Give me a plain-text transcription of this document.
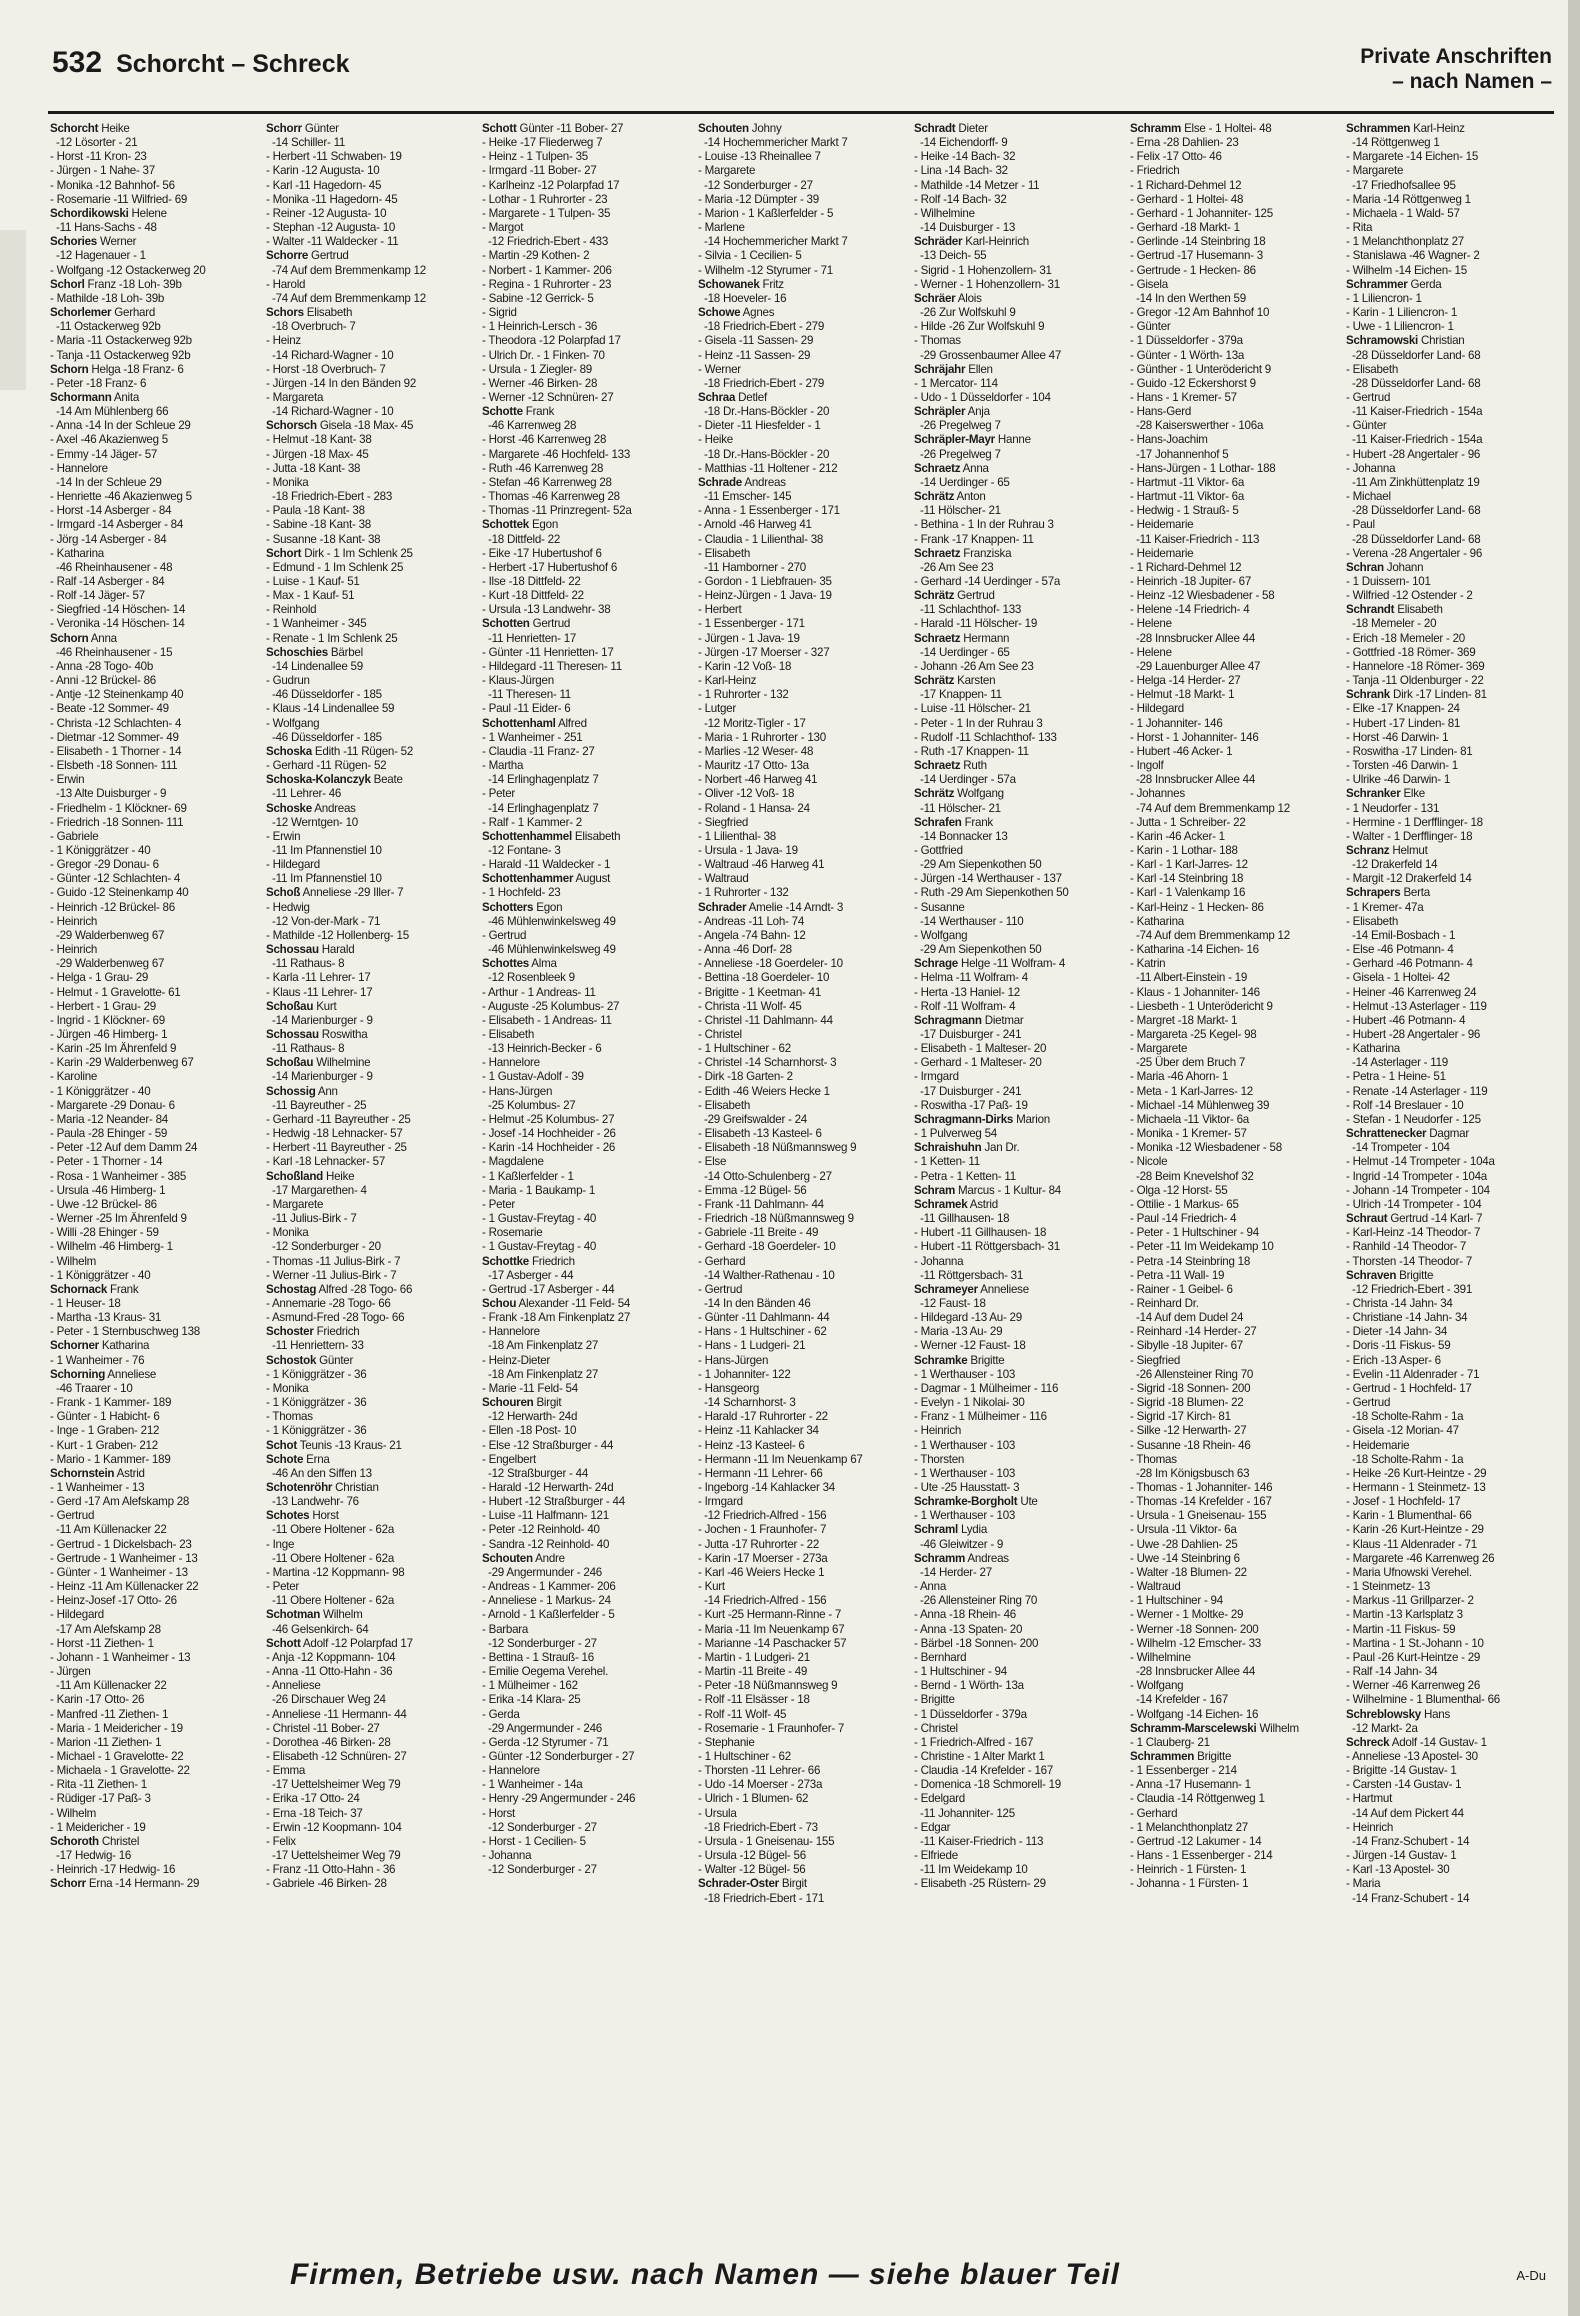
532 Schorcht – Schreck	Private Anschriften
– nach Namen –
Schorcht Heike
-12 Lösorter - 21
- Horst -11 Kron- 23
- Jürgen - 1 Nahe- 37
- Monika -12 Bahnhof- 56
- Rosemarie -11 Wilfried- 69
Schordikowski Helene
-11 Hans-Sachs - 48
Schories Werner
-12 Hagenauer - 1
- Wolfgang -12 Ostackerweg 20
Schorl Franz -18 Loh- 39b
- Mathilde -18 Loh- 39b
Schorlemer Gerhard
-11 Ostackerweg 92b
- Maria -11 Ostackerweg 92b
- Tanja -11 Ostackerweg 92b
Schorn Helga -18 Franz- 6
- Peter -18 Franz- 6
Schormann Anita
-14 Am Mühlenberg 66
- Anna -14 In der Schleue 29
- Axel -46 Akazienweg 5
- Emmy -14 Jäger- 57
- Hannelore
-14 In der Schleue 29
- Henriette -46 Akazienweg 5
- Horst -14 Asberger - 84
- Irmgard -14 Asberger - 84
- Jörg -14 Asberger - 84
- Katharina
-46 Rheinhausener - 48
- Ralf -14 Asberger - 84
- Rolf -14 Jäger- 57
- Siegfried -14 Höschen- 14
- Veronika -14 Höschen- 14
Schorn Anna
-46 Rheinhausener - 15
- Anna -28 Togo- 40b
- Anni -12 Brückel- 86
- Antje -12 Steinenkamp 40
- Beate -12 Sommer- 49
- Christa -12 Schlachten- 4
- Dietmar -12 Sommer- 49
- Elisabeth - 1 Thorner - 14
- Elsbeth -18 Sonnen- 111
- Erwin
-13 Alte Duisburger - 9
- Friedhelm - 1 Klöckner- 69
- Friedrich -18 Sonnen- 111
- Gabriele
- 1 Königgrätzer - 40
- Gregor -29 Donau- 6
- Günter -12 Schlachten- 4
- Guido -12 Steinenkamp 40
- Heinrich -12 Brückel- 86
- Heinrich
-29 Walderbenweg 67
- Heinrich
-29 Walderbenweg 67
- Helga - 1 Grau- 29
- Helmut - 1 Gravelotte- 61
- Herbert - 1 Grau- 29
- Ingrid - 1 Klöckner- 69
- Jürgen -46 Himberg- 1
- Karin -25 Im Ährenfeld 9
- Karin -29 Walderbenweg 67
- Karoline
- 1 Königgrätzer - 40
- Margarete -29 Donau- 6
- Maria -12 Neander- 84
- Paula -28 Ehinger - 59
- Peter -12 Auf dem Damm 24
- Peter - 1 Thorner - 14
- Rosa - 1 Wanheimer - 385
- Ursula -46 Himberg- 1
- Uwe -12 Brückel- 86
- Werner -25 Im Ährenfeld 9
- Willi -28 Ehinger - 59
- Wilhelm -46 Himberg- 1
- Wilhelm
- 1 Königgrätzer - 40
Schornack Frank
- 1 Heuser- 18
- Martha -13 Kraus- 31
- Peter - 1 Sternbuschweg 138
Schorner Katharina
- 1 Wanheimer - 76
Schorning Anneliese
-46 Traarer - 10
- Frank - 1 Kammer- 189
- Günter - 1 Habicht- 6
- Inge - 1 Graben- 212
- Kurt - 1 Graben- 212
- Mario - 1 Kammer- 189
Schornstein Astrid
- 1 Wanheimer - 13
- Gerd -17 Am Alefskamp 28
- Gertrud
-11 Am Küllenacker 22
- Gertrud - 1 Dickelsbach- 23
- Gertrude - 1 Wanheimer - 13
- Günter - 1 Wanheimer - 13
- Heinz -11 Am Küllenacker 22
- Heinz-Josef -17 Otto- 26
- Hildegard
-17 Am Alefskamp 28
- Horst -11 Ziethen- 1
- Johann - 1 Wanheimer - 13
- Jürgen
-11 Am Küllenacker 22
- Karin -17 Otto- 26
- Manfred -11 Ziethen- 1
- Maria - 1 Meidericher - 19
- Marion -11 Ziethen- 1
- Michael - 1 Gravelotte- 22
- Michaela - 1 Gravelotte- 22
- Rita -11 Ziethen- 1
- Rüdiger -17 Paß- 3
- Wilhelm
- 1 Meidericher - 19
Schoroth Christel
-17 Hedwig- 16
- Heinrich -17 Hedwig- 16
Schorr Erna -14 Hermann- 29
Schorr Günter
-14 Schiller- 11
- Herbert -11 Schwaben- 19
- Karin -12 Augusta- 10
- Karl -11 Hagedorn- 45
- Monika -11 Hagedorn- 45
- Reiner -12 Augusta- 10
- Stephan -12 Augusta- 10
- Walter -11 Waldecker - 11
Schorre Gertrud
-74 Auf dem Bremmenkamp 12
- Harold
-74 Auf dem Bremmenkamp 12
Schors Elisabeth
-18 Overbruch- 7
- Heinz
-14 Richard-Wagner - 10
- Horst -18 Overbruch- 7
- Jürgen -14 In den Bänden 92
- Margareta
-14 Richard-Wagner - 10
Schorsch Gisela -18 Max- 45
- Helmut -18 Kant- 38
- Jürgen -18 Max- 45
- Jutta -18 Kant- 38
- Monika
-18 Friedrich-Ebert - 283
- Paula -18 Kant- 38
- Sabine -18 Kant- 38
- Susanne -18 Kant- 38
Schort Dirk - 1 Im Schlenk 25
- Edmund - 1 Im Schlenk 25
- Luise - 1 Kauf- 51
- Max - 1 Kauf- 51
- Reinhold
- 1 Wanheimer - 345
- Renate - 1 Im Schlenk 25
Schoschies Bärbel
-14 Lindenallee 59
- Gudrun
-46 Düsseldorfer - 185
- Klaus -14 Lindenallee 59
- Wolfgang
-46 Düsseldorfer - 185
Schoska Edith -11 Rügen- 52
- Gerhard -11 Rügen- 52
Schoska-Kolanczyk Beate
-11 Lehrer- 46
Schoske Andreas
-12 Werntgen- 10
- Erwin
-11 Im Pfannenstiel 10
- Hildegard
-11 Im Pfannenstiel 10
Schoß Anneliese -29 Iller- 7
- Hedwig
-12 Von-der-Mark - 71
- Mathilde -12 Hollenberg- 15
Schossau Harald
-11 Rathaus- 8
- Karla -11 Lehrer- 17
- Klaus -11 Lehrer- 17
Schoßau Kurt
-14 Marienburger - 9
Schossau Roswitha
-11 Rathaus- 8
Schoßau Wilhelmine
-14 Marienburger - 9
Schossig Ann
-11 Bayreuther - 25
- Gerhard -11 Bayreuther - 25
- Hedwig -18 Lehnacker- 57
- Herbert -11 Bayreuther - 25
- Karl -18 Lehnacker- 57
Schoßland Heike
-17 Margarethen- 4
- Margarete
-11 Julius-Birk - 7
- Monika
-12 Sonderburger - 20
- Thomas -11 Julius-Birk - 7
- Werner -11 Julius-Birk - 7
Schostag Alfred -28 Togo- 66
- Annemarie -28 Togo- 66
- Asmund-Fred -28 Togo- 66
Schoster Friedrich
-11 Henriettern- 33
Schostok Günter
- 1 Königgrätzer - 36
- Monika
- 1 Königgrätzer - 36
- Thomas
- 1 Königgrätzer - 36
Schot Teunis -13 Kraus- 21
Schote Erna
-46 An den Siffen 13
Schotenröhr Christian
-13 Landwehr- 76
Schotes Horst
-11 Obere Holtener - 62a
- Inge
-11 Obere Holtener - 62a
- Martina -12 Koppmann- 98
- Peter
-11 Obere Holtener - 62a
Schotman Wilhelm
-46 Gelsenkirch- 64
Schott Adolf -12 Polarpfad 17
- Anja -12 Koppmann- 104
- Anna -11 Otto-Hahn - 36
- Anneliese
-26 Dirschauer Weg 24
- Anneliese -11 Hermann- 44
- Christel -11 Bober- 27
- Dorothea -46 Birken- 28
- Elisabeth -12 Schnüren- 27
- Emma
-17 Uettelsheimer Weg 79
- Erika -17 Otto- 24
- Erna -18 Teich- 37
- Erwin -12 Koopmann- 104
- Felix
-17 Uettelsheimer Weg 79
- Franz -11 Otto-Hahn - 36
- Gabriele -46 Birken- 28
Schott Günter -11 Bober- 27
- Heike -17 Fliederweg 7
- Heinz - 1 Tulpen- 35
- Irmgard -11 Bober- 27
- Karlheinz -12 Polarpfad 17
- Lothar - 1 Ruhrorter - 23
- Margarete - 1 Tulpen- 35
- Margot
-12 Friedrich-Ebert - 433
- Martin -29 Kothen- 2
- Norbert - 1 Kammer- 206
- Regina - 1 Ruhrorter - 23
- Sabine -12 Gerrick- 5
- Sigrid
- 1 Heinrich-Lersch - 36
- Theodora -12 Polarpfad 17
- Ulrich Dr. - 1 Finken- 70
- Ursula - 1 Ziegler- 89
- Werner -46 Birken- 28
- Werner -12 Schnüren- 27
Schotte Frank
-46 Karrenweg 28
- Horst -46 Karrenweg 28
- Margarete -46 Hochfeld- 133
- Ruth -46 Karrenweg 28
- Stefan -46 Karrenweg 28
- Thomas -46 Karrenweg 28
- Thomas -11 Prinzregent- 52a
Schottek Egon
-18 Dittfeld- 22
- Eike -17 Hubertushof 6
- Herbert -17 Hubertushof 6
- Ilse -18 Dittfeld- 22
- Kurt -18 Dittfeld- 22
- Ursula -13 Landwehr- 38
Schotten Gertrud
-11 Henrietten- 17
- Günter -11 Henrietten- 17
- Hildegard -11 Theresen- 11
- Klaus-Jürgen
-11 Theresen- 11
- Paul -11 Eider- 6
Schottenhaml Alfred
- 1 Wanheimer - 251
- Claudia -11 Franz- 27
- Martha
-14 Erlinghagenplatz 7
- Peter
-14 Erlinghagenplatz 7
- Ralf - 1 Kammer- 2
Schottenhammel Elisabeth
-12 Fontane- 3
- Harald -11 Waldecker - 1
Schottenhammer August
- 1 Hochfeld- 23
Schotters Egon
-46 Mühlenwinkelsweg 49
- Gertrud
-46 Mühlenwinkelsweg 49
Schottes Alma
-12 Rosenbleek 9
- Arthur - 1 Andreas- 11
- Auguste -25 Kolumbus- 27
- Elisabeth - 1 Andreas- 11
- Elisabeth
-13 Heinrich-Becker - 6
- Hannelore
- 1 Gustav-Adolf - 39
- Hans-Jürgen
-25 Kolumbus- 27
- Helmut -25 Kolumbus- 27
- Josef -14 Hochheider - 26
- Karin -14 Hochheider - 26
- Magdalene
- 1 Kaßlerfelder - 1
- Maria - 1 Baukamp- 1
- Peter
- 1 Gustav-Freytag - 40
- Rosemarie
- 1 Gustav-Freytag - 40
Schottke Friedrich
-17 Asberger - 44
- Gertrud -17 Asberger - 44
Schou Alexander -11 Feld- 54
- Frank -18 Am Finkenplatz 27
- Hannelore
-18 Am Finkenplatz 27
- Heinz-Dieter
-18 Am Finkenplatz 27
- Marie -11 Feld- 54
Schouren Birgit
-12 Herwarth- 24d
- Ellen -18 Post- 10
- Else -12 Straßburger - 44
- Engelbert
-12 Straßburger - 44
- Harald -12 Herwarth- 24d
- Hubert -12 Straßburger - 44
- Luise -11 Halfmann- 121
- Peter -12 Reinhold- 40
- Sandra -12 Reinhold- 40
Schouten Andre
-29 Angermunder - 246
- Andreas - 1 Kammer- 206
- Anneliese - 1 Markus- 24
- Arnold - 1 Kaßlerfelder - 5
- Barbara
-12 Sonderburger - 27
- Bettina - 1 Strauß- 16
- Emilie Oegema Verehel.
- 1 Mülheimer - 162
- Erika -14 Klara- 25
- Gerda
-29 Angermunder - 246
- Gerda -12 Styrumer - 71
- Günter -12 Sonderburger - 27
- Hannelore
- 1 Wanheimer - 14a
- Henry -29 Angermunder - 246
- Horst
-12 Sonderburger - 27
- Horst - 1 Cecilien- 5
- Johanna
-12 Sonderburger - 27
Schouten Johny
-14 Hochemmericher Markt 7
- Louise -13 Rheinallee 7
- Margarete
-12 Sonderburger - 27
- Maria -12 Dümpter - 39
- Marion - 1 Kaßlerfelder - 5
- Marlene
-14 Hochemmericher Markt 7
- Silvia - 1 Cecilien- 5
- Wilhelm -12 Styrumer - 71
Schowanek Fritz
-18 Hoeveler- 16
Schowe Agnes
-18 Friedrich-Ebert - 279
- Gisela -11 Sassen- 29
- Heinz -11 Sassen- 29
- Werner
-18 Friedrich-Ebert - 279
Schraa Detlef
-18 Dr.-Hans-Böckler - 20
- Dieter -11 Hiesfelder - 1
- Heike
-18 Dr.-Hans-Böckler - 20
- Matthias -11 Holtener - 212
Schrade Andreas
-11 Emscher- 145
- Anna - 1 Essenberger - 171
- Arnold -46 Harweg 41
- Claudia - 1 Lilienthal- 38
- Elisabeth
-11 Hamborner - 270
- Gordon - 1 Liebfrauen- 35
- Heinz-Jürgen - 1 Java- 19
- Herbert
- 1 Essenberger - 171
- Jürgen - 1 Java- 19
- Jürgen -17 Moerser - 327
- Karin -12 Voß- 18
- Karl-Heinz
- 1 Ruhrorter - 132
- Lutger
-12 Moritz-Tigler - 17
- Maria - 1 Ruhrorter - 130
- Marlies -12 Weser- 48
- Mauritz -17 Otto- 13a
- Norbert -46 Harweg 41
- Oliver -12 Voß- 18
- Roland - 1 Hansa- 24
- Siegfried
- 1 Lilienthal- 38
- Ursula - 1 Java- 19
- Waltraud -46 Harweg 41
- Waltraud
- 1 Ruhrorter - 132
Schrader Amelie -14 Arndt- 3
- Andreas -11 Loh- 74
- Angela -74 Bahn- 12
- Anna -46 Dorf- 28
- Anneliese -18 Goerdeler- 10
- Bettina -18 Goerdeler- 10
- Brigitte - 1 Keetman- 41
- Christa -11 Wolf- 45
- Christel -11 Dahlmann- 44
- Christel
- 1 Hultschiner - 62
- Christel -14 Scharnhorst- 3
- Dirk -18 Garten- 2
- Edith -46 Weiers Hecke 1
- Elisabeth
-29 Greifswalder - 24
- Elisabeth -13 Kasteel- 6
- Elisabeth -18 Nüßmannsweg 9
- Else
-14 Otto-Schulenberg - 27
- Emma -12 Bügel- 56
- Frank -11 Dahlmann- 44
- Friedrich -18 Nüßmannsweg 9
- Gabriele -11 Breite - 49
- Gerhard -18 Goerdeler- 10
- Gerhard
-14 Walther-Rathenau - 10
- Gertrud
-14 In den Bänden 46
- Günter -11 Dahlmann- 44
- Hans - 1 Hultschiner - 62
- Hans - 1 Ludgeri- 21
- Hans-Jürgen
- 1 Johanniter- 122
- Hansgeorg
-14 Scharnhorst- 3
- Harald -17 Ruhrorter - 22
- Heinz -11 Kahlacker 34
- Heinz -13 Kasteel- 6
- Hermann -11 Im Neuenkamp 67
- Hermann -11 Lehrer- 66
- Ingeborg -14 Kahlacker 34
- Irmgard
-12 Friedrich-Alfred - 156
- Jochen - 1 Fraunhofer- 7
- Jutta -17 Ruhrorter - 22
- Karin -17 Moerser - 273a
- Karl -46 Weiers Hecke 1
- Kurt
-14 Friedrich-Alfred - 156
- Kurt -25 Hermann-Rinne - 7
- Maria -11 Im Neuenkamp 67
- Marianne -14 Paschacker 57
- Martin - 1 Ludgeri- 21
- Martin -11 Breite - 49
- Peter -18 Nüßmannsweg 9
- Rolf -11 Elsässer - 18
- Rolf -11 Wolf- 45
- Rosemarie - 1 Fraunhofer- 7
- Stephanie
- 1 Hultschiner - 62
- Thorsten -11 Lehrer- 66
- Udo -14 Moerser - 273a
- Ulrich - 1 Blumen- 62
- Ursula
-18 Friedrich-Ebert - 73
- Ursula - 1 Gneisenau- 155
- Ursula -12 Bügel- 56
- Walter -12 Bügel- 56
Schrader-Oster Birgit
-18 Friedrich-Ebert - 171
Schradt Dieter
-14 Eichendorff- 9
- Heike -14 Bach- 32
- Lina -14 Bach- 32
- Mathilde -14 Metzer - 11
- Rolf -14 Bach- 32
- Wilhelmine
-14 Duisburger - 13
Schräder Karl-Heinrich
-13 Deich- 55
- Sigrid - 1 Hohenzollern- 31
- Werner - 1 Hohenzollern- 31
Schräer Alois
-26 Zur Wolfskuhl 9
- Hilde -26 Zur Wolfskuhl 9
- Thomas
-29 Grossenbaumer Allee 47
Schräjahr Ellen
- 1 Mercator- 114
- Udo - 1 Düsseldorfer - 104
Schräpler Anja
-26 Pregelweg 7
Schräpler-Mayr Hanne
-26 Pregelweg 7
Schraetz Anna
-14 Uerdinger - 65
Schrätz Anton
-11 Hölscher- 21
- Bethina - 1 In der Ruhrau 3
- Frank -17 Knappen- 11
Schraetz Franziska
-26 Am See 23
- Gerhard -14 Uerdinger - 57a
Schrätz Gertrud
-11 Schlachthof- 133
- Harald -11 Hölscher- 19
Schraetz Hermann
-14 Uerdinger - 65
- Johann -26 Am See 23
Schrätz Karsten
-17 Knappen- 11
- Luise -11 Hölscher- 21
- Peter - 1 In der Ruhrau 3
- Rudolf -11 Schlachthof- 133
- Ruth -17 Knappen- 11
Schraetz Ruth
-14 Uerdinger - 57a
Schrätz Wolfgang
-11 Hölscher- 21
Schrafen Frank
-14 Bonnacker 13
- Gottfried
-29 Am Siepenkothen 50
- Jürgen -14 Werthauser - 137
- Ruth -29 Am Siepenkothen 50
- Susanne
-14 Werthauser - 110
- Wolfgang
-29 Am Siepenkothen 50
Schrage Helge -11 Wolfram- 4
- Helma -11 Wolfram- 4
- Herta -13 Haniel- 12
- Rolf -11 Wolfram- 4
Schragmann Dietmar
-17 Duisburger - 241
- Elisabeth - 1 Malteser- 20
- Gerhard - 1 Malteser- 20
- Irmgard
-17 Duisburger - 241
- Roswitha -17 Paß- 19
Schragmann-Dirks Marion
- 1 Pulverweg 54
Schraishuhn Jan Dr.
- 1 Ketten- 11
- Petra - 1 Ketten- 11
Schram Marcus - 1 Kultur- 84
Schramek Astrid
-11 Gillhausen- 18
- Hubert -11 Gillhausen- 18
- Hubert -11 Röttgersbach- 31
- Johanna
-11 Röttgersbach- 31
Schrameyer Anneliese
-12 Faust- 18
- Hildegard -13 Au- 29
- Maria -13 Au- 29
- Werner -12 Faust- 18
Schramke Brigitte
- 1 Werthauser - 103
- Dagmar - 1 Mülheimer - 116
- Evelyn - 1 Nikolai- 30
- Franz - 1 Mülheimer - 116
- Heinrich
- 1 Werthauser - 103
- Thorsten
- 1 Werthauser - 103
- Ute -25 Hausstatt- 3
Schramke-Borgholt Ute
- 1 Werthauser - 103
Schraml Lydia
-46 Gleiwitzer - 9
Schramm Andreas
-14 Herder- 27
- Anna
-26 Allensteiner Ring 70
- Anna -18 Rhein- 46
- Anna -13 Spaten- 20
- Bärbel -18 Sonnen- 200
- Bernhard
- 1 Hultschiner - 94
- Bernd - 1 Wörth- 13a
- Brigitte
- 1 Düsseldorfer - 379a
- Christel
- 1 Friedrich-Alfred - 167
- Christine - 1 Alter Markt 1
- Claudia -14 Krefelder - 167
- Domenica -18 Schmorell- 19
- Edelgard
-11 Johanniter- 125
- Edgar
-11 Kaiser-Friedrich - 113
- Elfriede
-11 Im Weidekamp 10
- Elisabeth -25 Rüstern- 29
Schramm Else - 1 Holtei- 48
- Erna -28 Dahlien- 23
- Felix -17 Otto- 46
- Friedrich
- 1 Richard-Dehmel 12
- Gerhard - 1 Holtei- 48
- Gerhard - 1 Johanniter- 125
- Gerhard -18 Markt- 1
- Gerlinde -14 Steinbring 18
- Gertrud -17 Husemann- 3
- Gertrude - 1 Hecken- 86
- Gisela
-14 In den Werthen 59
- Gregor -12 Am Bahnhof 10
- Günter
- 1 Düsseldorfer - 379a
- Günter - 1 Wörth- 13a
- Günther - 1 Unterödericht 9
- Guido -12 Eckershorst 9
- Hans - 1 Kremer- 57
- Hans-Gerd
-28 Kaiserswerther - 106a
- Hans-Joachim
-17 Johannenhof 5
- Hans-Jürgen - 1 Lothar- 188
- Hartmut -11 Viktor- 6a
- Hartmut -11 Viktor- 6a
- Hedwig - 1 Strauß- 5
- Heidemarie
-11 Kaiser-Friedrich - 113
- Heidemarie
- 1 Richard-Dehmel 12
- Heinrich -18 Jupiter- 67
- Heinz -12 Wiesbadener - 58
- Helene -14 Friedrich- 4
- Helene
-28 Innsbrucker Allee 44
- Helene
-29 Lauenburger Allee 47
- Helga -14 Herder- 27
- Helmut -18 Markt- 1
- Hildegard
- 1 Johanniter- 146
- Horst - 1 Johanniter- 146
- Hubert -46 Acker- 1
- Ingolf
-28 Innsbrucker Allee 44
- Johannes
-74 Auf dem Bremmenkamp 12
- Jutta - 1 Schreiber- 22
- Karin -46 Acker- 1
- Karin - 1 Lothar- 188
- Karl - 1 Karl-Jarres- 12
- Karl -14 Steinbring 18
- Karl - 1 Valenkamp 16
- Karl-Heinz - 1 Hecken- 86
- Katharina
-74 Auf dem Bremmenkamp 12
- Katharina -14 Eichen- 16
- Katrin
-11 Albert-Einstein - 19
- Klaus - 1 Johanniter- 146
- Liesbeth - 1 Unterödericht 9
- Margret -18 Markt- 1
- Margareta -25 Kegel- 98
- Margarete
-25 Über dem Bruch 7
- Maria -46 Ahorn- 1
- Meta - 1 Karl-Jarres- 12
- Michael -14 Mühlenweg 39
- Michaela -11 Viktor- 6a
- Monika - 1 Kremer- 57
- Monika -12 Wiesbadener - 58
- Nicole
-28 Beim Knevelshof 32
- Olga -12 Horst- 55
- Ottilie - 1 Markus- 65
- Paul -14 Friedrich- 4
- Peter - 1 Hultschiner - 94
- Peter -11 Im Weidekamp 10
- Petra -14 Steinbring 18
- Petra -11 Wall- 19
- Rainer - 1 Geibel- 6
- Reinhard Dr.
-14 Auf dem Dudel 24
- Reinhard -14 Herder- 27
- Sibylle -18 Jupiter- 67
- Siegfried
-26 Allensteiner Ring 70
- Sigrid -18 Sonnen- 200
- Sigrid -18 Blumen- 22
- Sigrid -17 Kirch- 81
- Silke -12 Herwarth- 27
- Susanne -18 Rhein- 46
- Thomas
-28 Im Königsbusch 63
- Thomas - 1 Johanniter- 146
- Thomas -14 Krefelder - 167
- Ursula - 1 Gneisenau- 155
- Ursula -11 Viktor- 6a
- Uwe -28 Dahlien- 25
- Uwe -14 Steinbring 6
- Walter -18 Blumen- 22
- Waltraud
- 1 Hultschiner - 94
- Werner - 1 Moltke- 29
- Werner -18 Sonnen- 200
- Wilhelm -12 Emscher- 33
- Wilhelmine
-28 Innsbrucker Allee 44
- Wolfgang
-14 Krefelder - 167
- Wolfgang -14 Eichen- 16
Schramm-Marscelewski Wilhelm
- 1 Clauberg- 21
Schrammen Brigitte
- 1 Essenberger - 214
- Anna -17 Husemann- 1
- Claudia -14 Röttgenweg 1
- Gerhard
- 1 Melanchthonplatz 27
- Gertrud -12 Lakumer - 14
- Hans - 1 Essenberger - 214
- Heinrich - 1 Fürsten- 1
- Johanna - 1 Fürsten- 1
Schrammen Karl-Heinz
-14 Röttgenweg 1
- Margarete -14 Eichen- 15
- Margarete
-17 Friedhofsallee 95
- Maria -14 Röttgenweg 1
- Michaela - 1 Wald- 57
- Rita
- 1 Melanchthonplatz 27
- Stanislawa -46 Wagner- 2
- Wilhelm -14 Eichen- 15
Schrammer Gerda
- 1 Liliencron- 1
- Karin - 1 Liliencron- 1
- Uwe - 1 Liliencron- 1
Schramowski Christian
-28 Düsseldorfer Land- 68
- Elisabeth
-28 Düsseldorfer Land- 68
- Gertrud
-11 Kaiser-Friedrich - 154a
- Günter
-11 Kaiser-Friedrich - 154a
- Hubert -28 Angertaler - 96
- Johanna
-11 Am Zinkhüttenplatz 19
- Michael
-28 Düsseldorfer Land- 68
- Paul
-28 Düsseldorfer Land- 68
- Verena -28 Angertaler - 96
Schran Johann
- 1 Duissern- 101
- Wilfried -12 Ostender - 2
Schrandt Elisabeth
-18 Memeler - 20
- Erich -18 Memeler - 20
- Gottfried -18 Römer- 369
- Hannelore -18 Römer- 369
- Tanja -11 Oldenburger - 22
Schrank Dirk -17 Linden- 81
- Elke -17 Knappen- 24
- Hubert -17 Linden- 81
- Horst -46 Darwin- 1
- Roswitha -17 Linden- 81
- Torsten -46 Darwin- 1
- Ulrike -46 Darwin- 1
Schranker Elke
- 1 Neudorfer - 131
- Hermine - 1 Derfflinger- 18
- Walter - 1 Derfflinger- 18
Schranz Helmut
-12 Drakerfeld 14
- Margit -12 Drakerfeld 14
Schrapers Berta
- 1 Kremer- 47a
- Elisabeth
-14 Emil-Bosbach - 1
- Else -46 Potmann- 4
- Gerhard -46 Potmann- 4
- Gisela - 1 Holtei- 42
- Heiner -46 Karrenweg 24
- Helmut -13 Asterlager - 119
- Hubert -46 Potmann- 4
- Hubert -28 Angertaler - 96
- Katharina
-14 Asterlager - 119
- Petra - 1 Heine- 51
- Renate -14 Asterlager - 119
- Rolf -14 Breslauer - 10
- Stefan - 1 Neudorfer - 125
Schrattenecker Dagmar
-14 Trompeter - 104
- Helmut -14 Trompeter - 104a
- Ingrid -14 Trompeter - 104a
- Johann -14 Trompeter - 104
- Ulrich -14 Trompeter - 104
Schraut Gertrud -14 Karl- 7
- Karl-Heinz -14 Theodor- 7
- Ranhild -14 Theodor- 7
- Thorsten -14 Theodor- 7
Schraven Brigitte
-12 Friedrich-Ebert - 391
- Christa -14 Jahn- 34
- Christiane -14 Jahn- 34
- Dieter -14 Jahn- 34
- Doris -11 Fiskus- 59
- Erich -13 Asper- 6
- Evelin -11 Aldenrader - 71
- Gertrud - 1 Hochfeld- 17
- Gertrud
-18 Scholte-Rahm - 1a
- Gisela -12 Morian- 47
- Heidemarie
-18 Scholte-Rahm - 1a
- Heike -26 Kurt-Heintze - 29
- Hermann - 1 Steinmetz- 13
- Josef - 1 Hochfeld- 17
- Karin - 1 Blumenthal- 66
- Karin -26 Kurt-Heintze - 29
- Klaus -11 Aldenrader - 71
- Margarete -46 Karrenweg 26
- Maria Ufnowski Verehel.
- 1 Steinmetz- 13
- Markus -11 Grillparzer- 2
- Martin -13 Karlsplatz 3
- Martin -11 Fiskus- 59
- Martina - 1 St.-Johann - 10
- Paul -26 Kurt-Heintze - 29
- Ralf -14 Jahn- 34
- Werner -46 Karrenweg 26
- Wilhelmine - 1 Blumenthal- 66
Schreblowsky Hans
-12 Markt- 2a
Schreck Adolf -14 Gustav- 1
- Anneliese -13 Apostel- 30
- Brigitte -14 Gustav- 1
- Carsten -14 Gustav- 1
- Hartmut
-14 Auf dem Pickert 44
- Heinrich
-14 Franz-Schubert - 14
- Jürgen -14 Gustav- 1
- Karl -13 Apostel- 30
- Maria
-14 Franz-Schubert - 14
Firmen, Betriebe usw. nach Namen — siehe blauer Teil	A-Du
